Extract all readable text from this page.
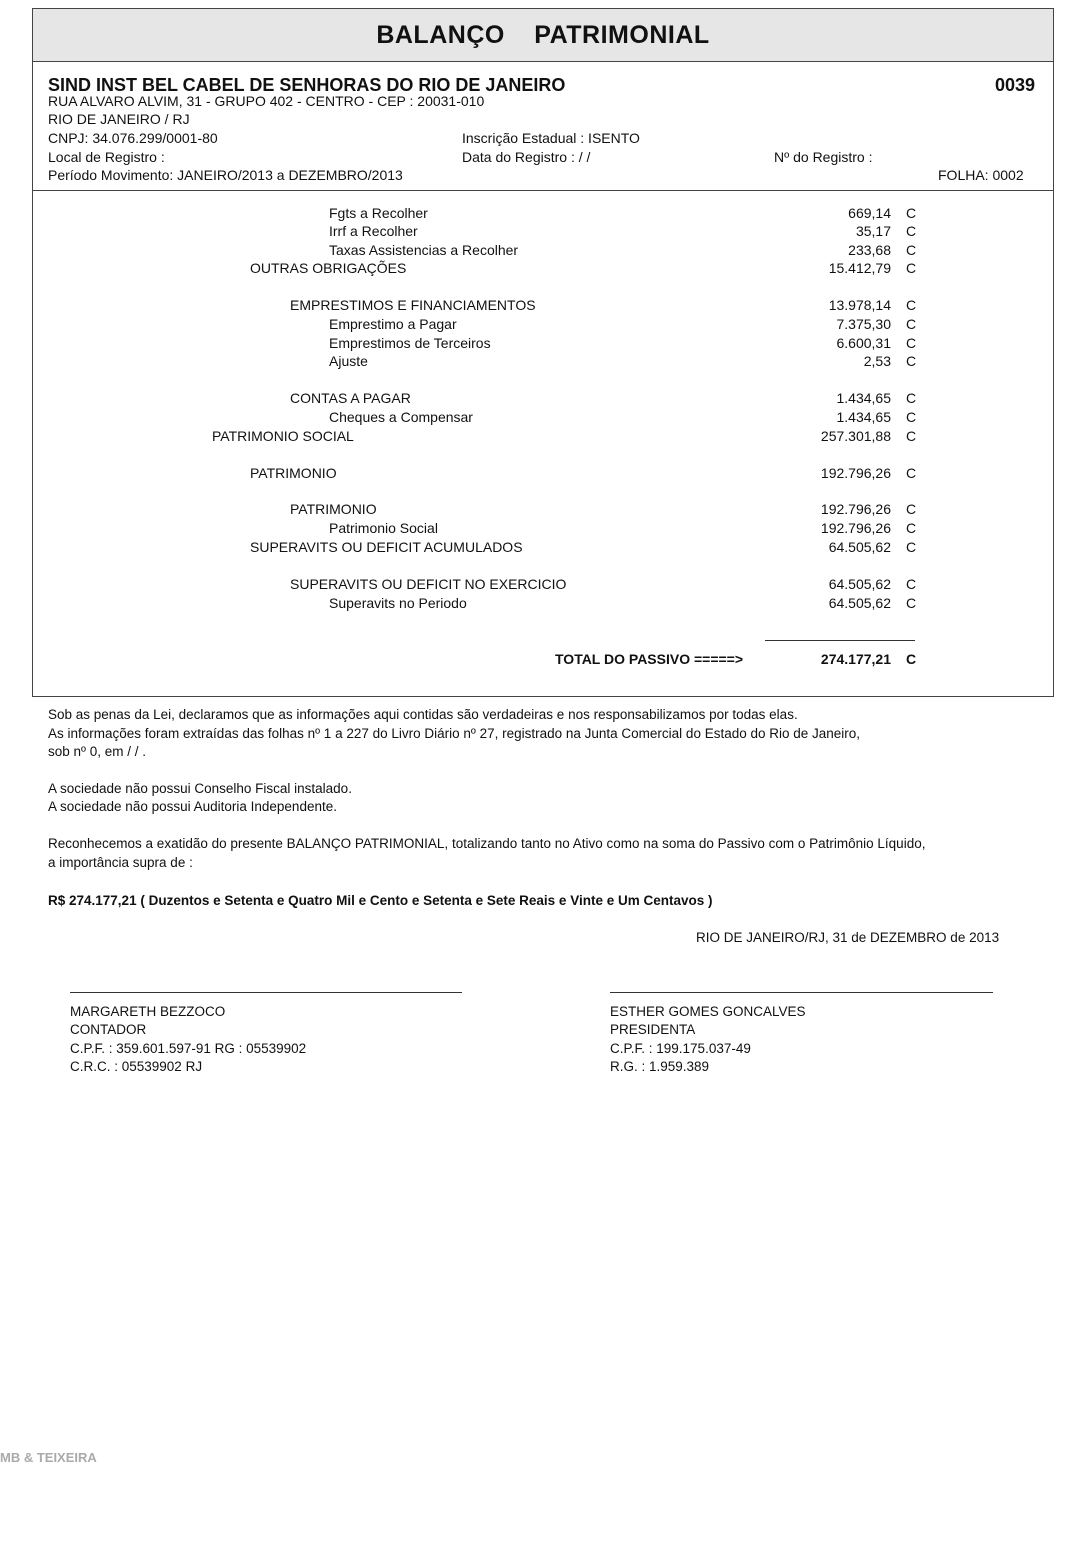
BALANÇO PATRIMONIAL
SIND INST BEL CABEL DE SENHORAS DO RIO DE JANEIRO	0039
RUA ALVARO ALVIM, 31 - GRUPO 402 - CENTRO - CEP : 20031-010
RIO DE JANEIRO / RJ
CNPJ: 34.076.299/0001-80	Inscrição Estadual : ISENTO
Local de Registro :	Data do Registro : / /	Nº do Registro :
Período Movimento: JANEIRO/2013 a DEZEMBRO/2013	FOLHA: 0002
Fgts a Recolher	669,14 C
Irrf a Recolher	35,17 C
Taxas Assistencias a Recolher	233,68 C
OUTRAS OBRIGAÇÕES	15.412,79 C
EMPRESTIMOS E FINANCIAMENTOS	13.978,14 C
Emprestimo a Pagar	7.375,30 C
Emprestimos de Terceiros	6.600,31 C
Ajuste	2,53 C
CONTAS A PAGAR	1.434,65 C
Cheques a Compensar	1.434,65 C
PATRIMONIO SOCIAL	257.301,88 C
PATRIMONIO	192.796,26 C
PATRIMONIO	192.796,26 C
Patrimonio Social	192.796,26 C
SUPERAVITS OU DEFICIT ACUMULADOS	64.505,62 C
SUPERAVITS OU DEFICIT NO EXERCICIO	64.505,62 C
Superavits no Periodo	64.505,62 C
TOTAL DO PASSIVO =====>	274.177,21 C
Sob as penas da Lei, declaramos que as informações aqui contidas são verdadeiras e nos responsabilizamos por todas elas.
As informações foram extraídas das folhas nº 1 a 227 do Livro Diário nº 27, registrado na Junta Comercial do Estado do Rio de Janeiro,
sob nº 0, em / / .
A sociedade não possui Conselho Fiscal instalado.
A sociedade não possui Auditoria Independente.
Reconhecemos a exatidão do presente BALANÇO PATRIMONIAL, totalizando tanto no Ativo como na soma do Passivo com o Patrimônio Líquido,
a importância supra de :
R$ 274.177,21 ( Duzentos e Setenta e Quatro Mil e Cento e Setenta e Sete Reais e Vinte e Um Centavos )
RIO DE JANEIRO/RJ, 31 de DEZEMBRO de 2013
MARGARETH BEZZOCO
CONTADOR
C.P.F. : 359.601.597-91 RG : 05539902
C.R.C. : 05539902 RJ
ESTHER GOMES GONCALVES
PRESIDENTA
C.P.F. : 199.175.037-49
R.G. : 1.959.389
MB & TEIXEIRA
